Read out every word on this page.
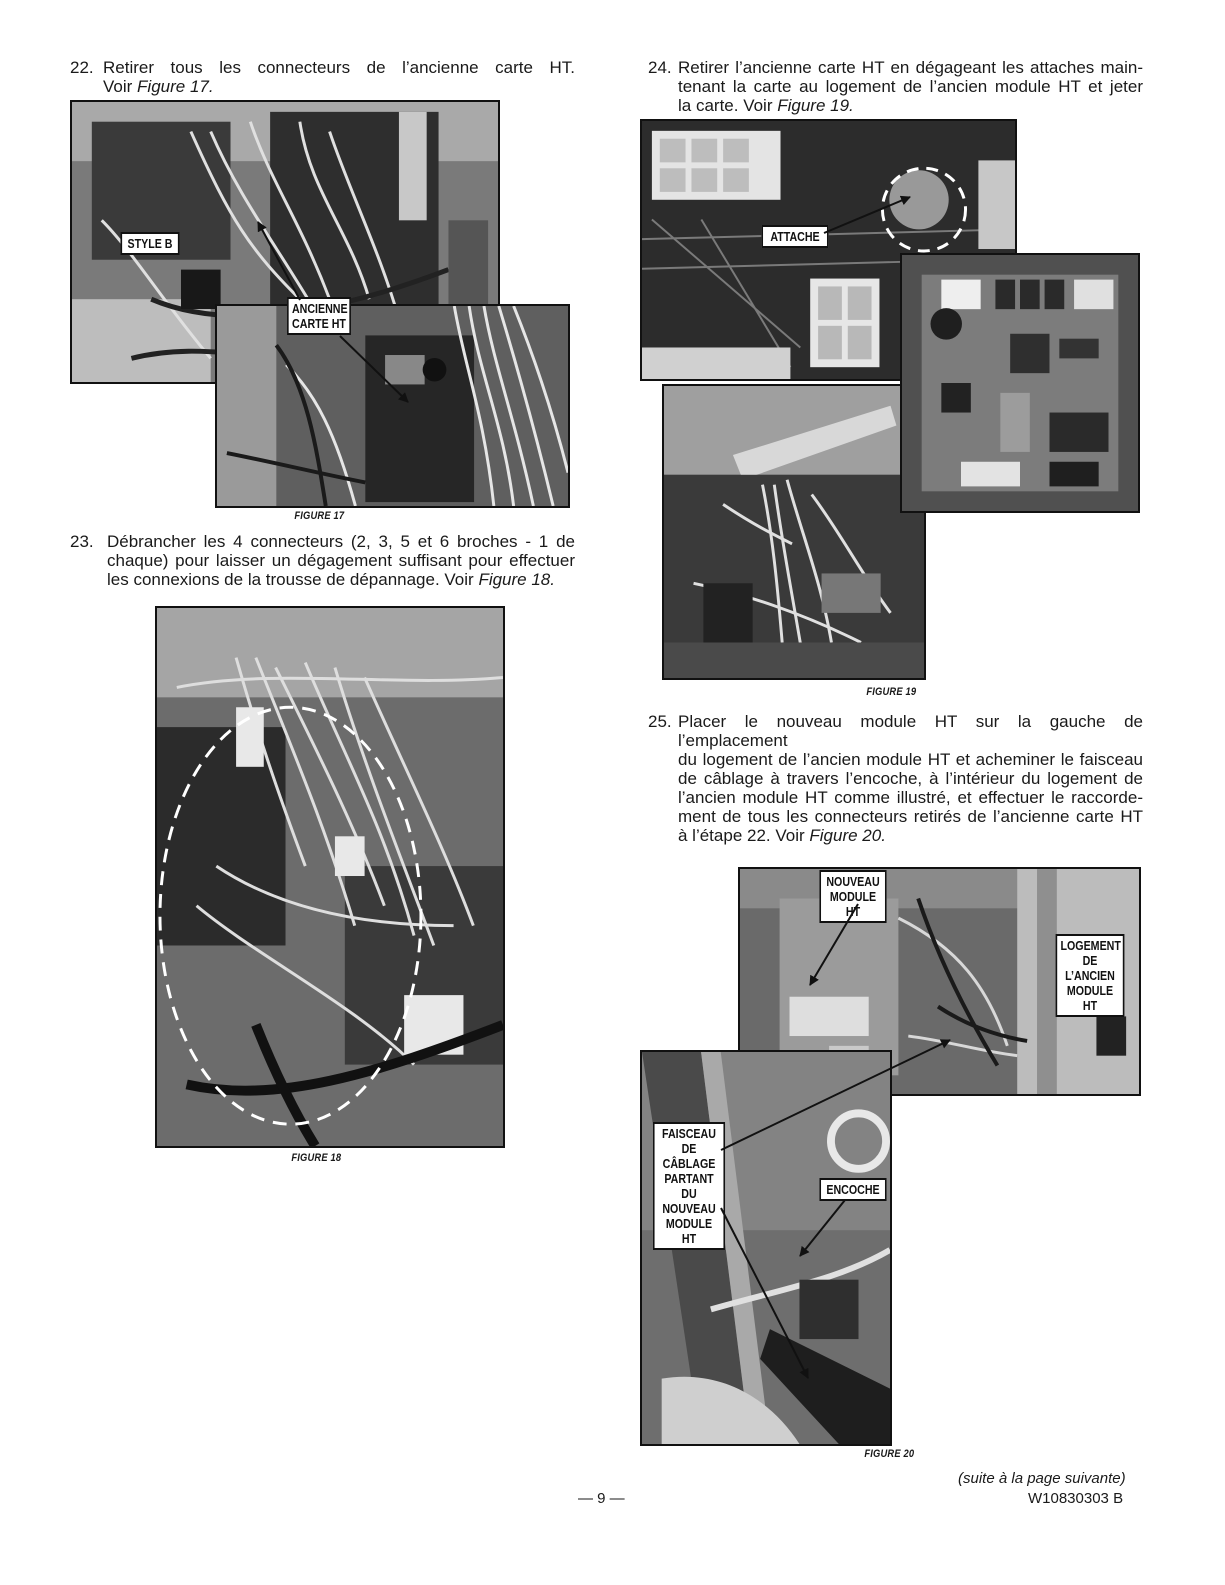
22. Retirer tous les connecteurs de l’ancienne carte HT.
Voir Figure 17.
STYLE B
ANCIENNE
CARTE HT
FIGURE 17
23. Débrancher les 4 connecteurs (2, 3, 5 et 6 broches - 1 de
chaque) pour laisser un dégagement suffisant pour effectuer
les connexions de la trousse de dépannage. Voir Figure 18.
FIGURE 18
24. Retirer l’ancienne carte HT en dégageant les attaches main-
tenant la carte au logement de l’ancien module HT et jeter
la carte. Voir Figure 19.
ATTACHE
FIGURE 19
25. Placer le nouveau module HT sur la gauche de l’emplacement
du logement de l’ancien module HT et acheminer le faisceau
de câblage à travers l’encoche, à l’intérieur du logement de
l’ancien module HT comme illustré, et effectuer le raccorde-
ment de tous les connecteurs retirés de l’ancienne carte HT
à l’étape 22. Voir Figure 20.
NOUVEAU
MODULE HT
LOGEMENT
DE L’ANCIEN
MODULE HT
FAISCEAU
DE CÂBLAGE
PARTANT DU
NOUVEAU
MODULE HT
ENCOCHE
FIGURE 20
— 9 —
(suite à la page suivante)
W10830303 B
